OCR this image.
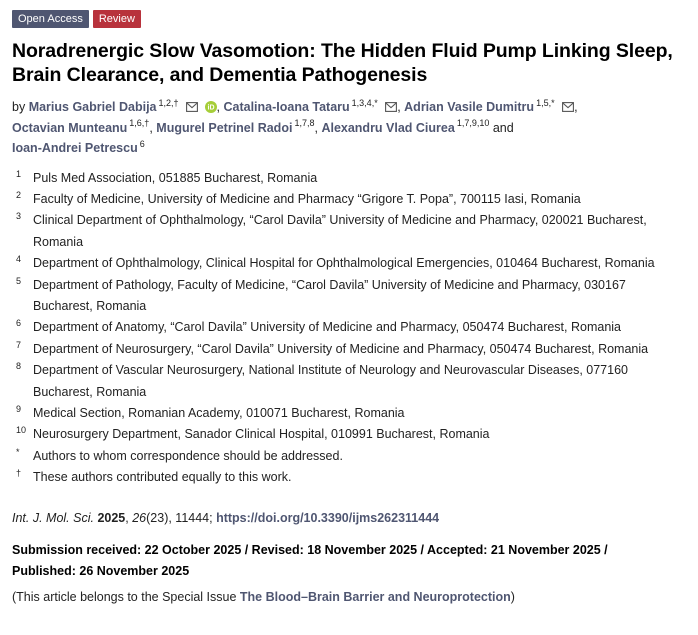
Open Access	Review
Noradrenergic Slow Vasomotion: The Hidden Fluid Pump Linking Sleep, Brain Clearance, and Dementia Pathogenesis
by Marius Gabriel Dabija $^{1,2,\dagger}$
iD , Catalina-Ioana Tataru $^{1,3,4,*}$ , Adrian Vasile Dumitru $^{1,5,*}$ ,
Octavian Munteanu $^{1,6,\dagger}$, Mugurel Petrinel Radoi $^{1,7,8}$, Alexandru Vlad Ciurea $^{1,7,9,10}$ and
Ioan-Andrei Petrescu $^6$
1 Puls Med Association, 051885 Bucharest, Romania
2 Faculty of Medicine, University of Medicine and Pharmacy “Grigore T. Popa”, 700115 Iasi, Romania
3 Clinical Department of Ophthalmology, “Carol Davila” University of Medicine and Pharmacy, 020021 Bucharest, Romania
4 Department of Ophthalmology, Clinical Hospital for Ophthalmological Emergencies, 010464 Bucharest, Romania
5 Department of Pathology, Faculty of Medicine, “Carol Davila” University of Medicine and Pharmacy, 030167 Bucharest, Romania
6 Department of Anatomy, “Carol Davila” University of Medicine and Pharmacy, 050474 Bucharest, Romania
7 Department of Neurosurgery, “Carol Davila” University of Medicine and Pharmacy, 050474 Bucharest, Romania
8 Department of Vascular Neurosurgery, National Institute of Neurology and Neurovascular Diseases, 077160 Bucharest, Romania
9 Medical Section, Romanian Academy, 010071 Bucharest, Romania
10 Neurosurgery Department, Sanador Clinical Hospital, 010991 Bucharest, Romania
* Authors to whom correspondence should be addressed.
† These authors contributed equally to this work.
Int. J. Mol. Sci. 2025, 26(23), 11444; https://doi.org/10.3390/ijms262311444
Submission received: 22 October 2025 / Revised: 18 November 2025 / Accepted: 21 November 2025 /
Published: 26 November 2025
(This article belongs to the Special Issue The Blood–Brain Barrier and Neuroprotection)
